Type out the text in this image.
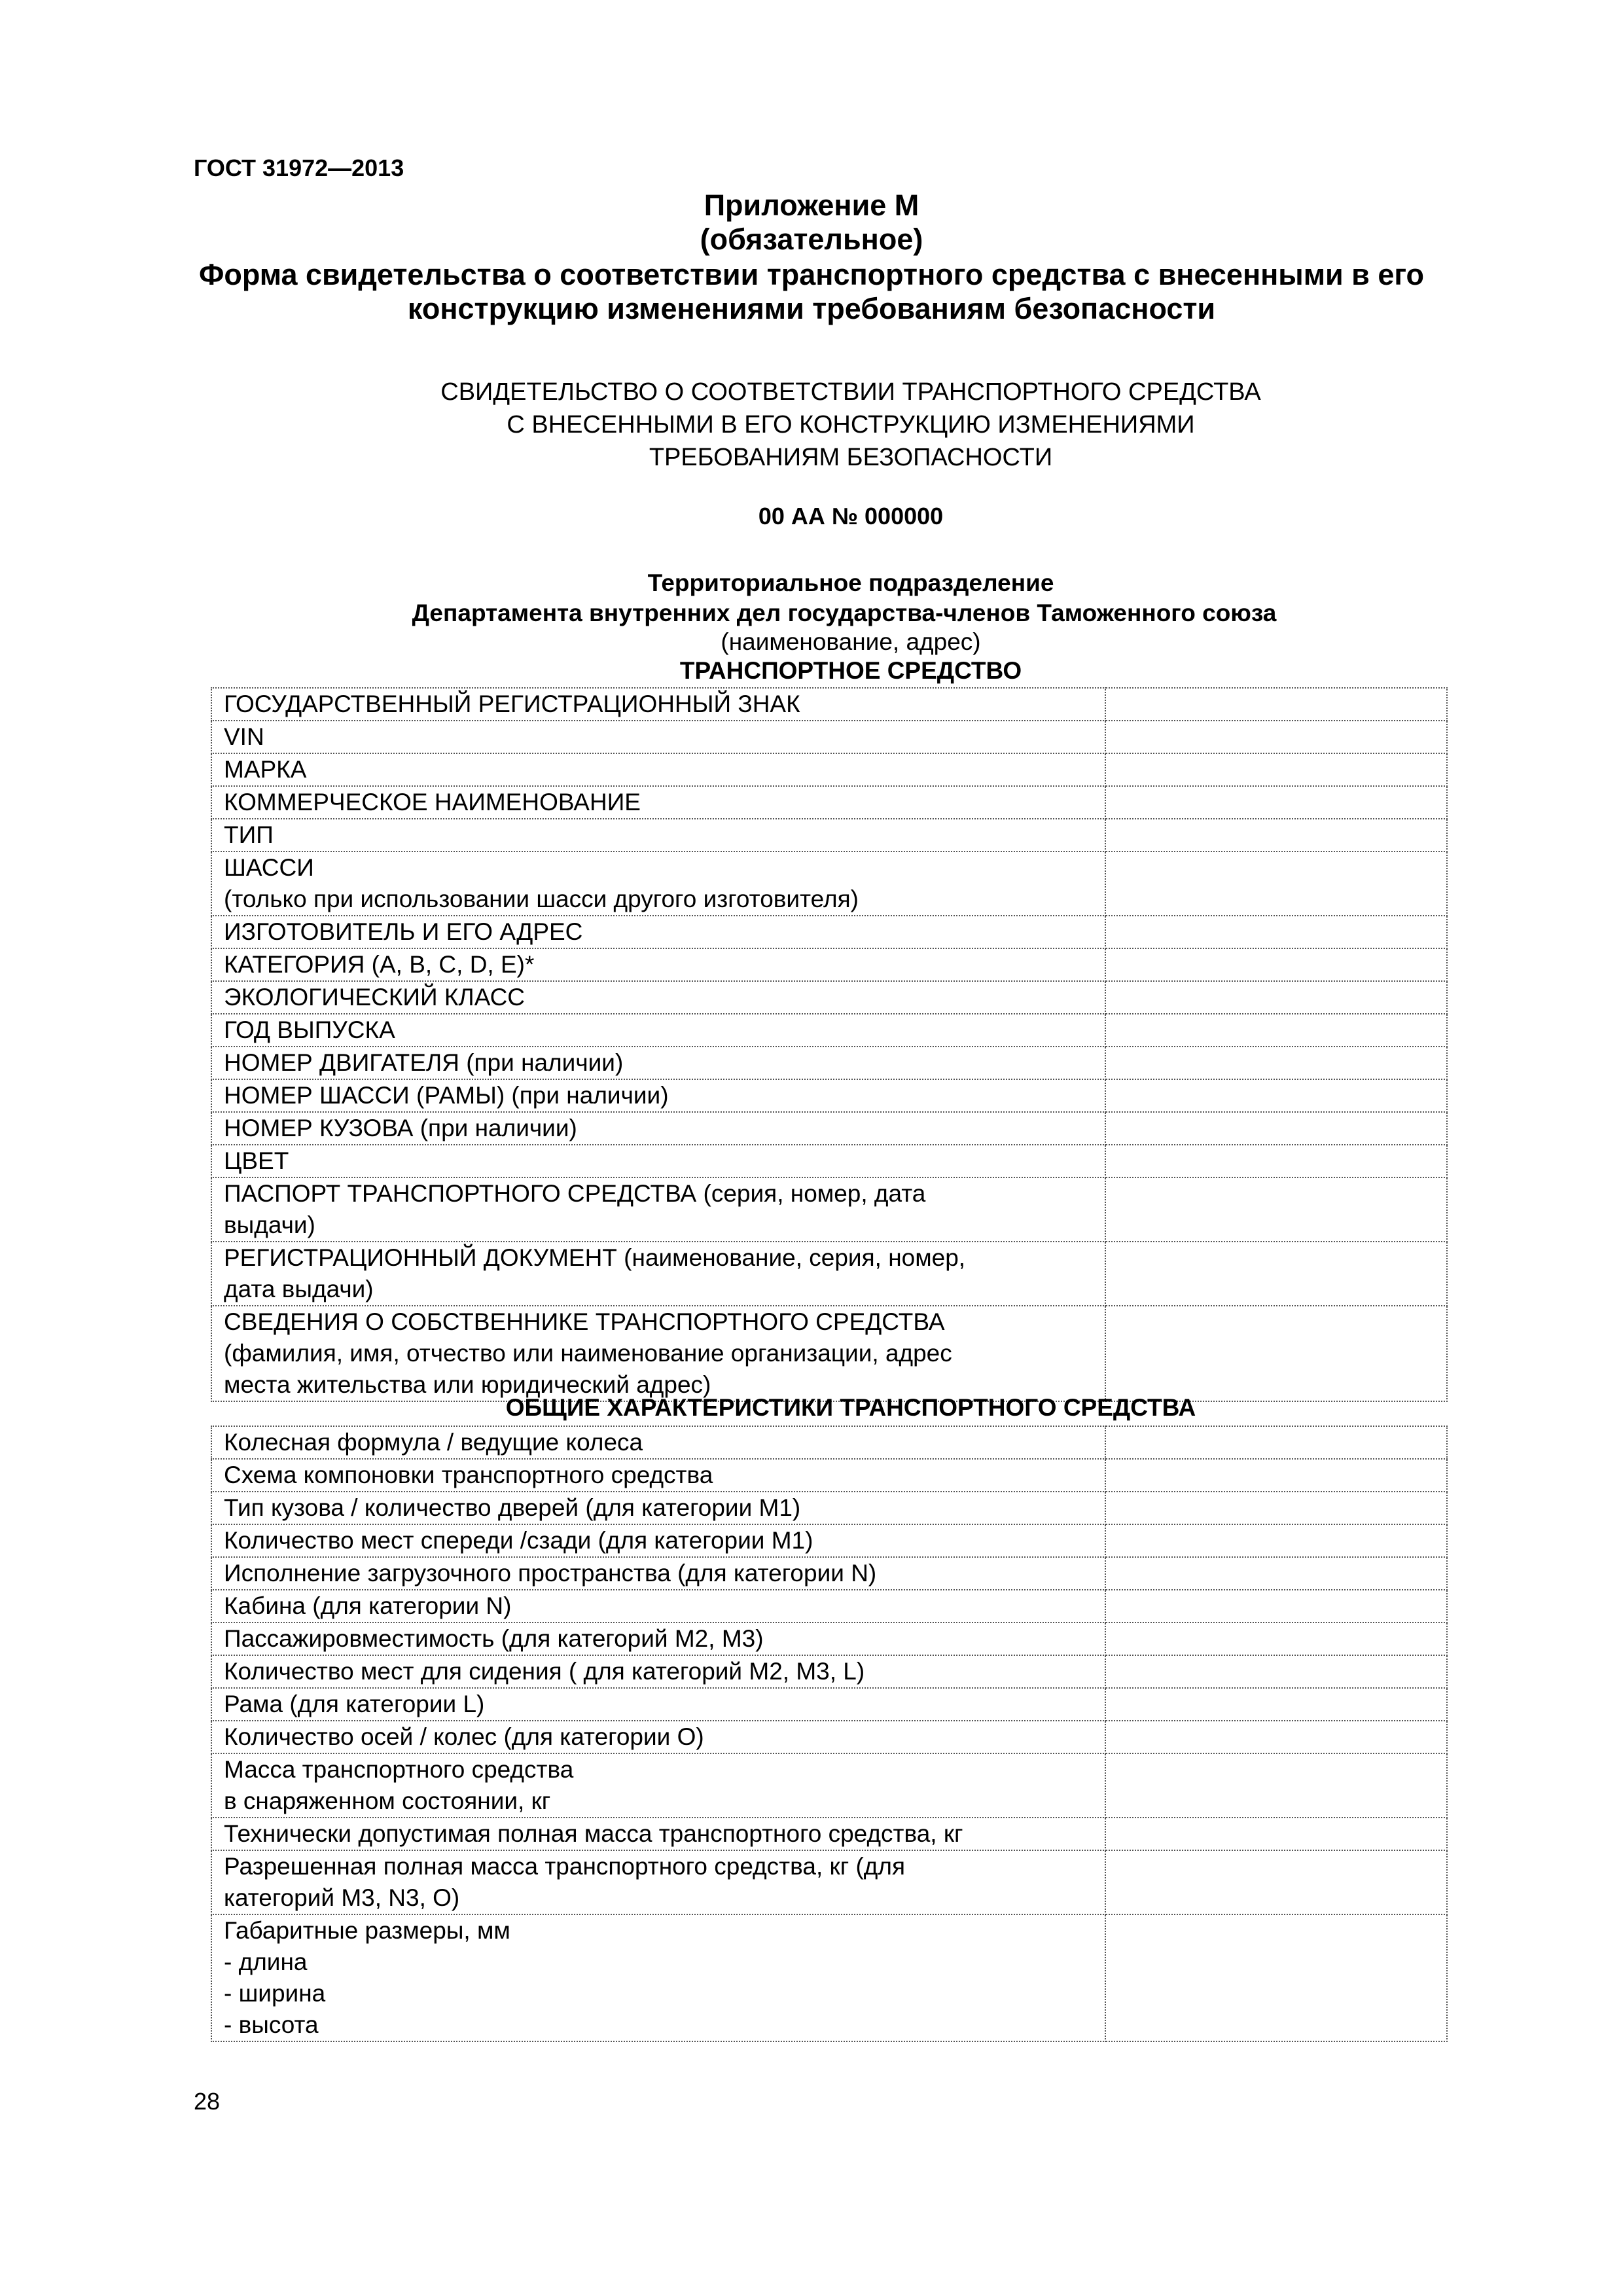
ГОСТ 31972—2013
Приложение М
(обязательное)
Форма свидетельства о соответствии транспортного средства с внесенными в его конструкцию изменениями требованиям безопасности
СВИДЕТЕЛЬСТВО О СООТВЕТСТВИИ ТРАНСПОРТНОГО СРЕДСТВА
С ВНЕСЕННЫМИ В ЕГО КОНСТРУКЦИЮ ИЗМЕНЕНИЯМИ
ТРЕБОВАНИЯМ БЕЗОПАСНОСТИ
00 АА № 000000
Территориальное подразделение
Департамента внутренних дел государства-членов Таможенного союза
(наименование, адрес)
ТРАНСПОРТНОЕ СРЕДСТВО
ГОСУДАРСТВЕННЫЙ РЕГИСТРАЦИОННЫЙ ЗНАК	
VIN	
МАРКА	
КОММЕРЧЕСКОЕ НАИМЕНОВАНИЕ	
ТИП	
ШАССИ
(только при использовании шасси другого изготовителя)	
ИЗГОТОВИТЕЛЬ И ЕГО АДРЕС	
КАТЕГОРИЯ (А, B, С, D, Е)*	
ЭКОЛОГИЧЕСКИЙ КЛАСС	
ГОД ВЫПУСКА	
НОМЕР ДВИГАТЕЛЯ (при наличии)	
НОМЕР ШАССИ (РАМЫ) (при наличии)	
НОМЕР КУЗОВА (при наличии)	
ЦВЕТ	
ПАСПОРТ ТРАНСПОРТНОГО СРЕДСТВА (серия, номер, дата
выдачи)	
РЕГИСТРАЦИОННЫЙ ДОКУМЕНТ (наименование, серия, номер,
дата выдачи)	
СВЕДЕНИЯ О СОБСТВЕННИКЕ ТРАНСПОРТНОГО СРЕДСТВА
(фамилия, имя, отчество или наименование организации, адрес
места жительства или юридический адрес)	
ОБЩИЕ ХАРАКТЕРИСТИКИ ТРАНСПОРТНОГО СРЕДСТВА
Колесная формула / ведущие колеса	
Схема компоновки транспортного средства	
Тип кузова / количество дверей (для категории М1)	
Количество мест спереди /сзади (для категории М1)	
Исполнение загрузочного пространства (для категории N)	
Кабина (для категории N)	
Пассажировместимость (для категорий М2, М3)	
Количество мест для сидения ( для категорий М2, М3, L)	
Рама (для категории L)	
Количество осей / колес (для категории О)	
Масса транспортного средства
в снаряженном состоянии, кг	
Технически допустимая полная масса транспортного средства, кг	
Разрешенная полная масса транспортного средства, кг (для
категорий М3, N3, О)	
Габаритные размеры, мм
- длина
- ширина
- высота	
28
